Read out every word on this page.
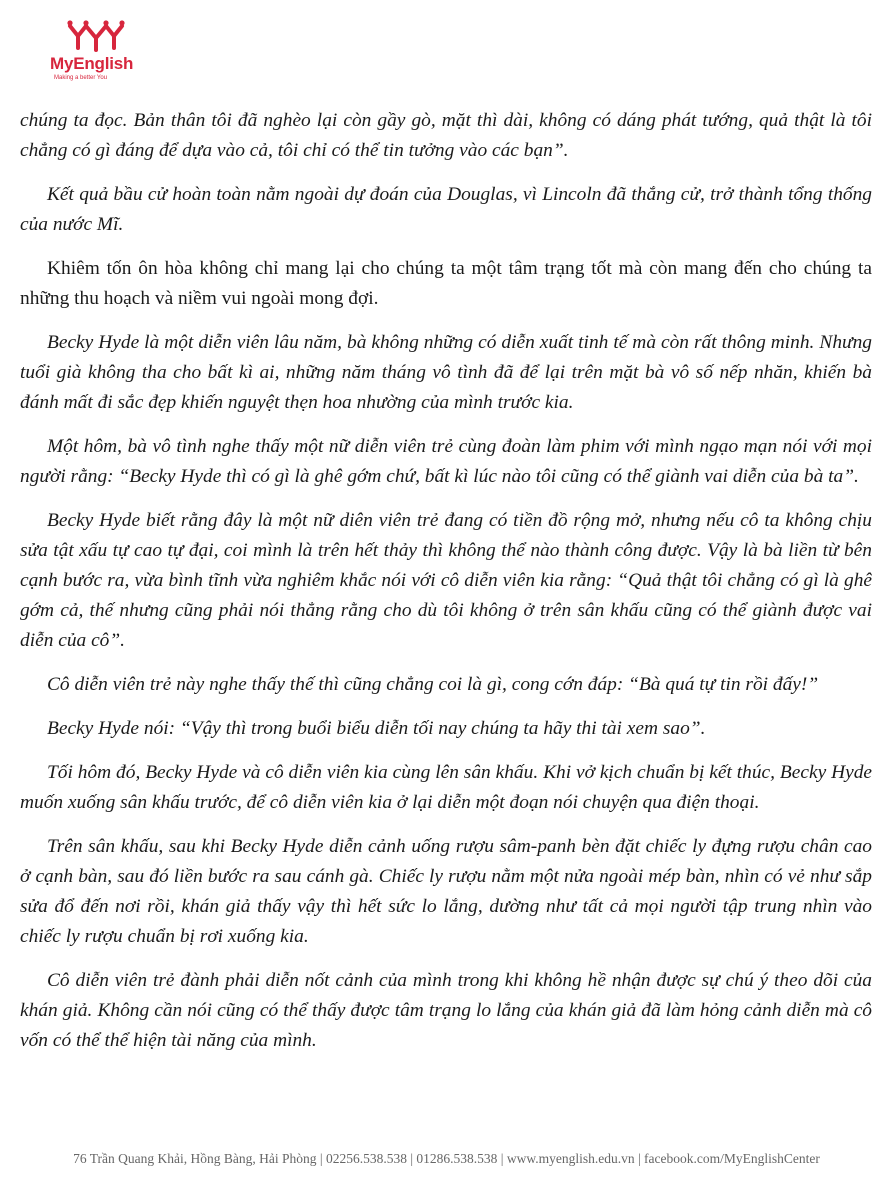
MyEnglish
Making a better You

chúng ta đọc. Bản thân tôi đã nghèo lại còn gầy gò, mặt thì dài, không có dáng phát tướng, quả thật là tôi chẳng có gì đáng để dựa vào cả, tôi chỉ có thể tin tưởng vào các bạn”.

Kết quả bầu cử hoàn toàn nằm ngoài dự đoán của Douglas, vì Lincoln đã thắng cử, trở thành tổng thống của nước Mĩ.

Khiêm tốn ôn hòa không chỉ mang lại cho chúng ta một tâm trạng tốt mà còn mang đến cho chúng ta những thu hoạch và niềm vui ngoài mong đợi.

Becky Hyde là một diễn viên lâu năm, bà không những có diễn xuất tinh tế mà còn rất thông minh. Nhưng tuổi già không tha cho bất kì ai, những năm tháng vô tình đã để lại trên mặt bà vô số nếp nhăn, khiến bà đánh mất đi sắc đẹp khiến nguyệt thẹn hoa nhường của mình trước kia.

Một hôm, bà vô tình nghe thấy một nữ diễn viên trẻ cùng đoàn làm phim với mình ngạo mạn nói với mọi người rằng: “Becky Hyde thì có gì là ghê gớm chứ, bất kì lúc nào tôi cũng có thể giành vai diễn của bà ta”.

Becky Hyde biết rằng đây là một nữ diên viên trẻ đang có tiền đồ rộng mở, nhưng nếu cô ta không chịu sửa tật xấu tự cao tự đại, coi mình là trên hết thảy thì không thể nào thành công được. Vậy là bà liền từ bên cạnh bước ra, vừa bình tĩnh vừa nghiêm khắc nói với cô diễn viên kia rằng: “Quả thật tôi chẳng có gì là ghê gớm cả, thế nhưng cũng phải nói thẳng rằng cho dù tôi không ở trên sân khấu cũng có thể giành được vai diễn của cô”.

Cô diễn viên trẻ này nghe thấy thế thì cũng chẳng coi là gì, cong cớn đáp: “Bà quá tự tin rồi đấy!”

Becky Hyde nói: “Vậy thì trong buổi biểu diễn tối nay chúng ta hãy thi tài xem sao”.

Tối hôm đó, Becky Hyde và cô diễn viên kia cùng lên sân khấu. Khi vở kịch chuẩn bị kết thúc, Becky Hyde muốn xuống sân khấu trước, để cô diễn viên kia ở lại diễn một đoạn nói chuyện qua điện thoại.

Trên sân khấu, sau khi Becky Hyde diễn cảnh uống rượu sâm-panh bèn đặt chiếc ly đựng rượu chân cao ở cạnh bàn, sau đó liền bước ra sau cánh gà. Chiếc ly rượu nằm một nửa ngoài mép bàn, nhìn có vẻ như sắp sửa đổ đến nơi rồi, khán giả thấy vậy thì hết sức lo lắng, dường như tất cả mọi người tập trung nhìn vào chiếc ly rượu chuẩn bị rơi xuống kia.

Cô diễn viên trẻ đành phải diễn nốt cảnh của mình trong khi không hề nhận được sự chú ý theo dõi của khán giả. Không cần nói cũng có thể thấy được tâm trạng lo lắng của khán giả đã làm hỏng cảnh diễn mà cô vốn có thể thể hiện tài năng của mình.

76 Trần Quang Khải, Hồng Bàng, Hải Phòng | 02256.538.538 | 01286.538.538 | www.myenglish.edu.vn | facebook.com/MyEnglishCenter
